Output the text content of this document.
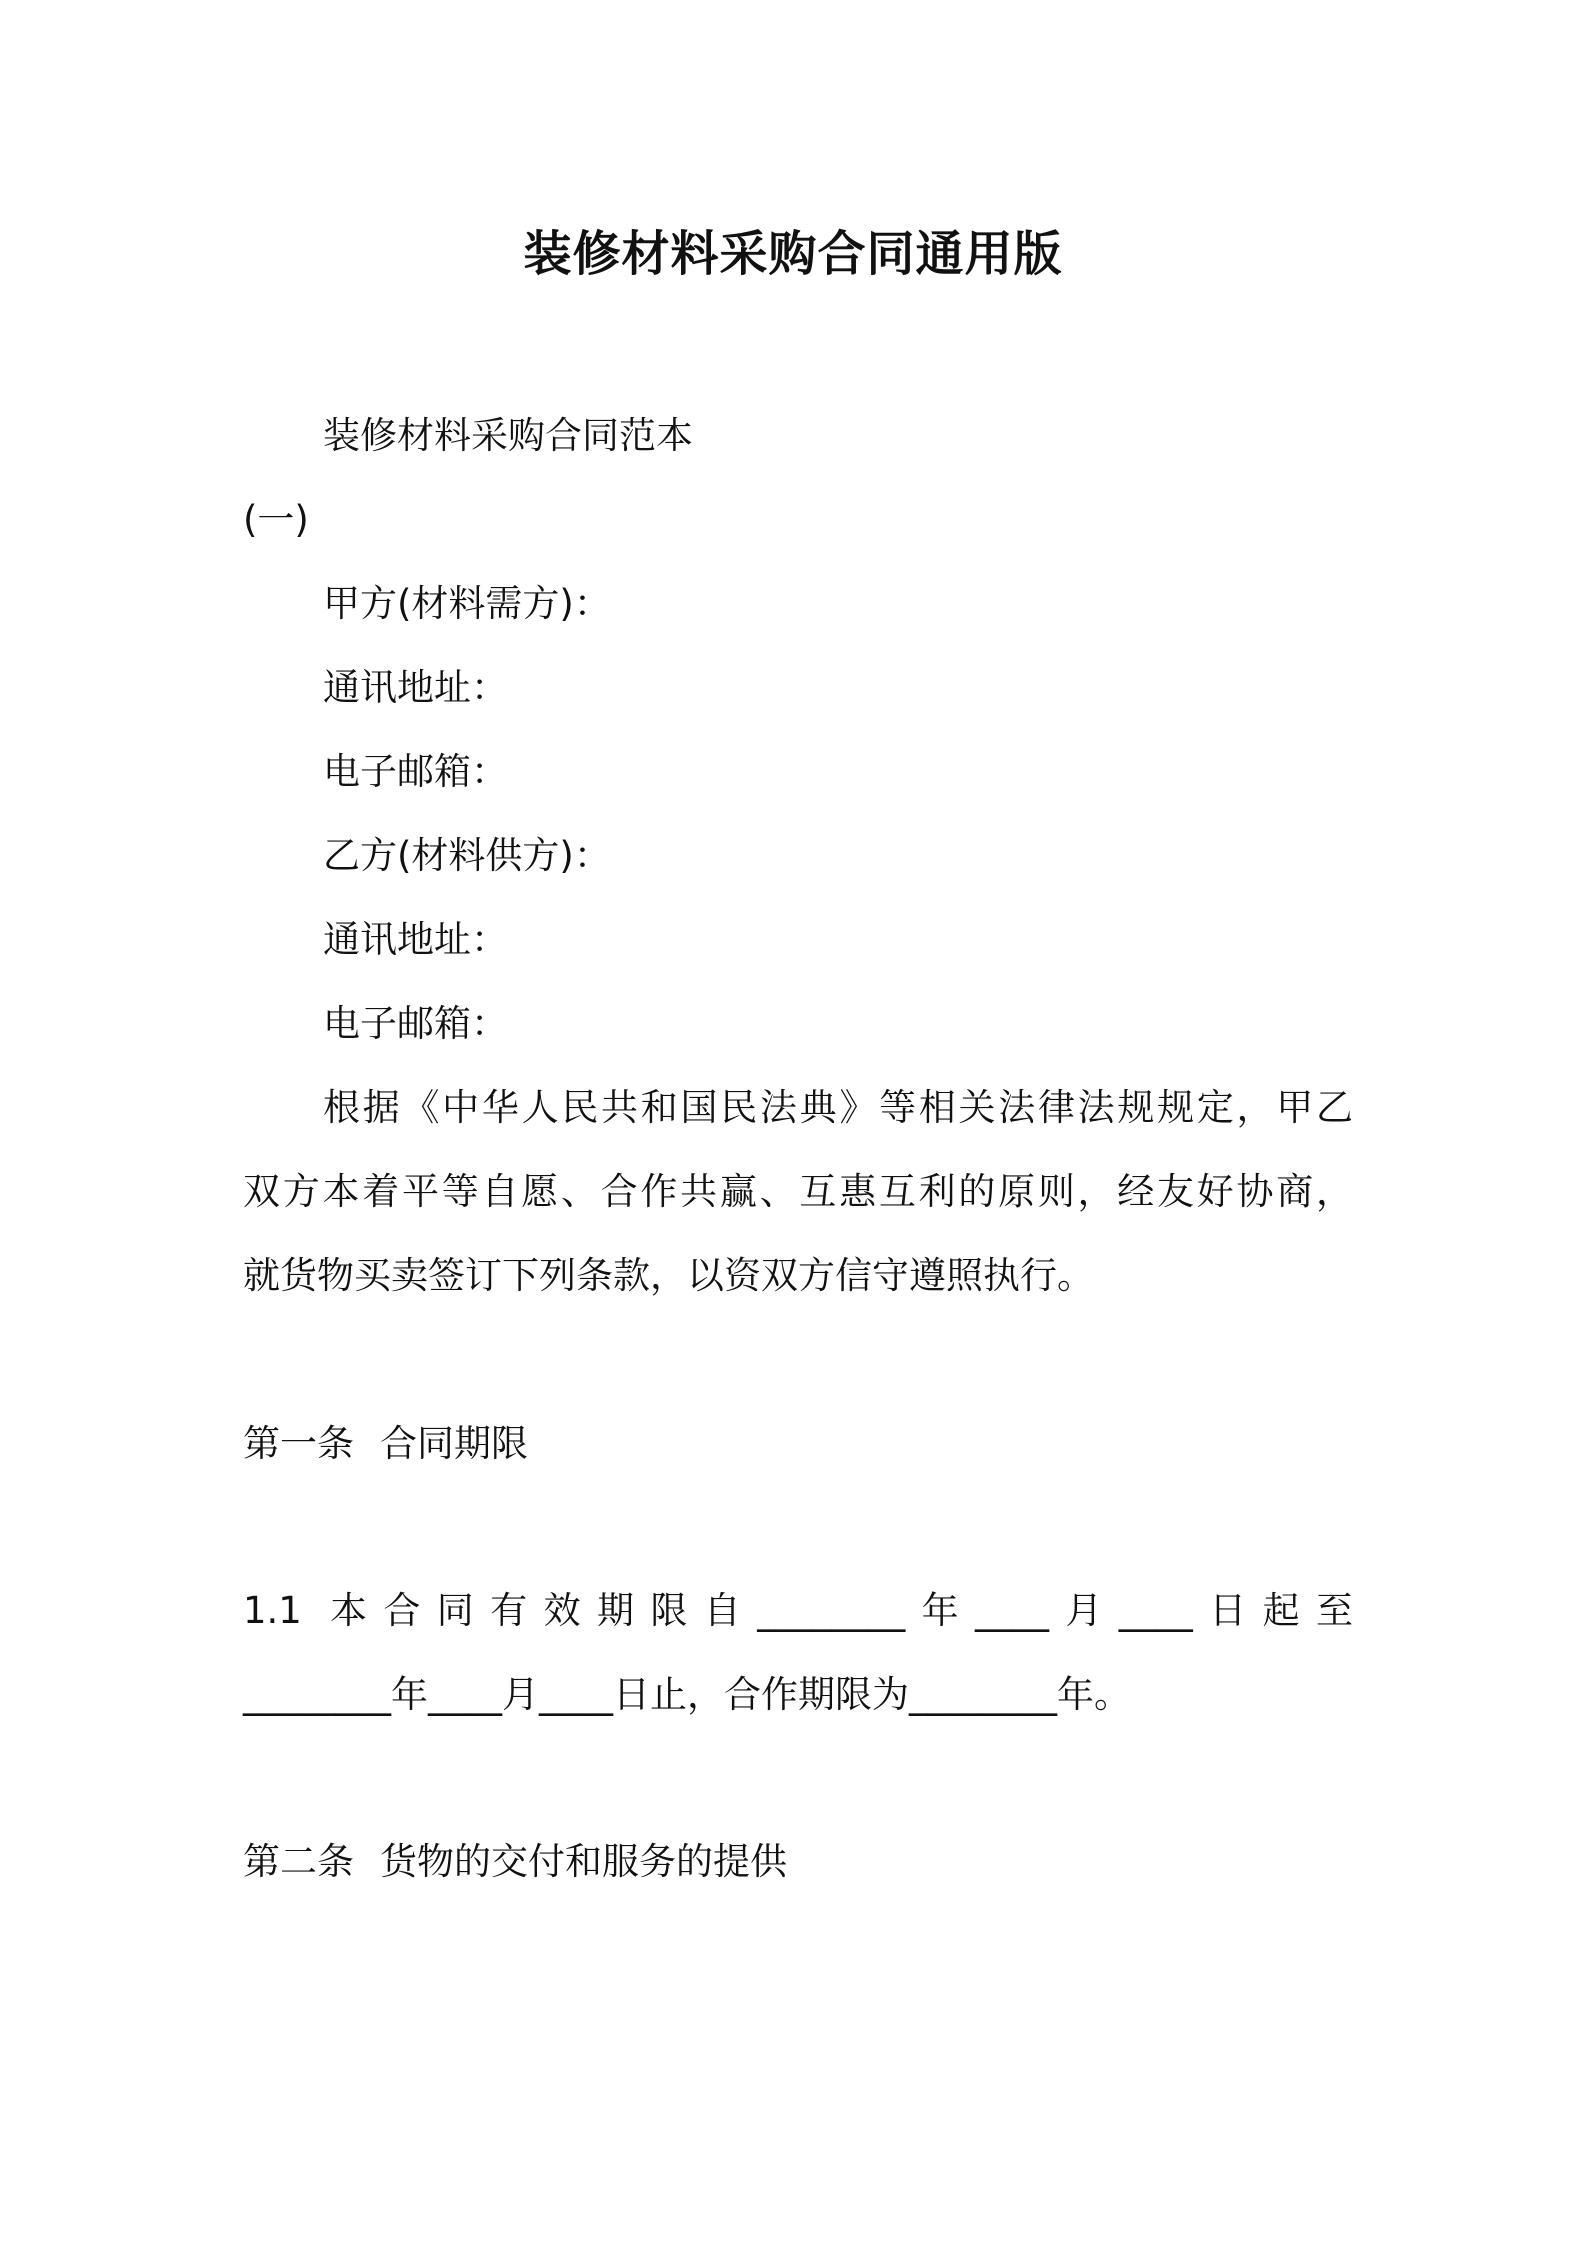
装修材料采购合同通用版
装修材料采购合同范本
(一)
甲方(材料需方)：
通讯地址：
电子邮箱：
乙方(材料供方)：
通讯地址：
电子邮箱：
根据《中华人民共和国民法典》等相关法律法规规定，甲乙
双方本着平等自愿、合作共赢、互惠互利的原则，经友好协商，
就货物买卖签订下列条款，以资双方信守遵照执行。
第一条 合同期限
1.1 本合同有效期限自________年____月____日起至
________年____月____日止，合作期限为________年。
第二条 货物的交付和服务的提供
